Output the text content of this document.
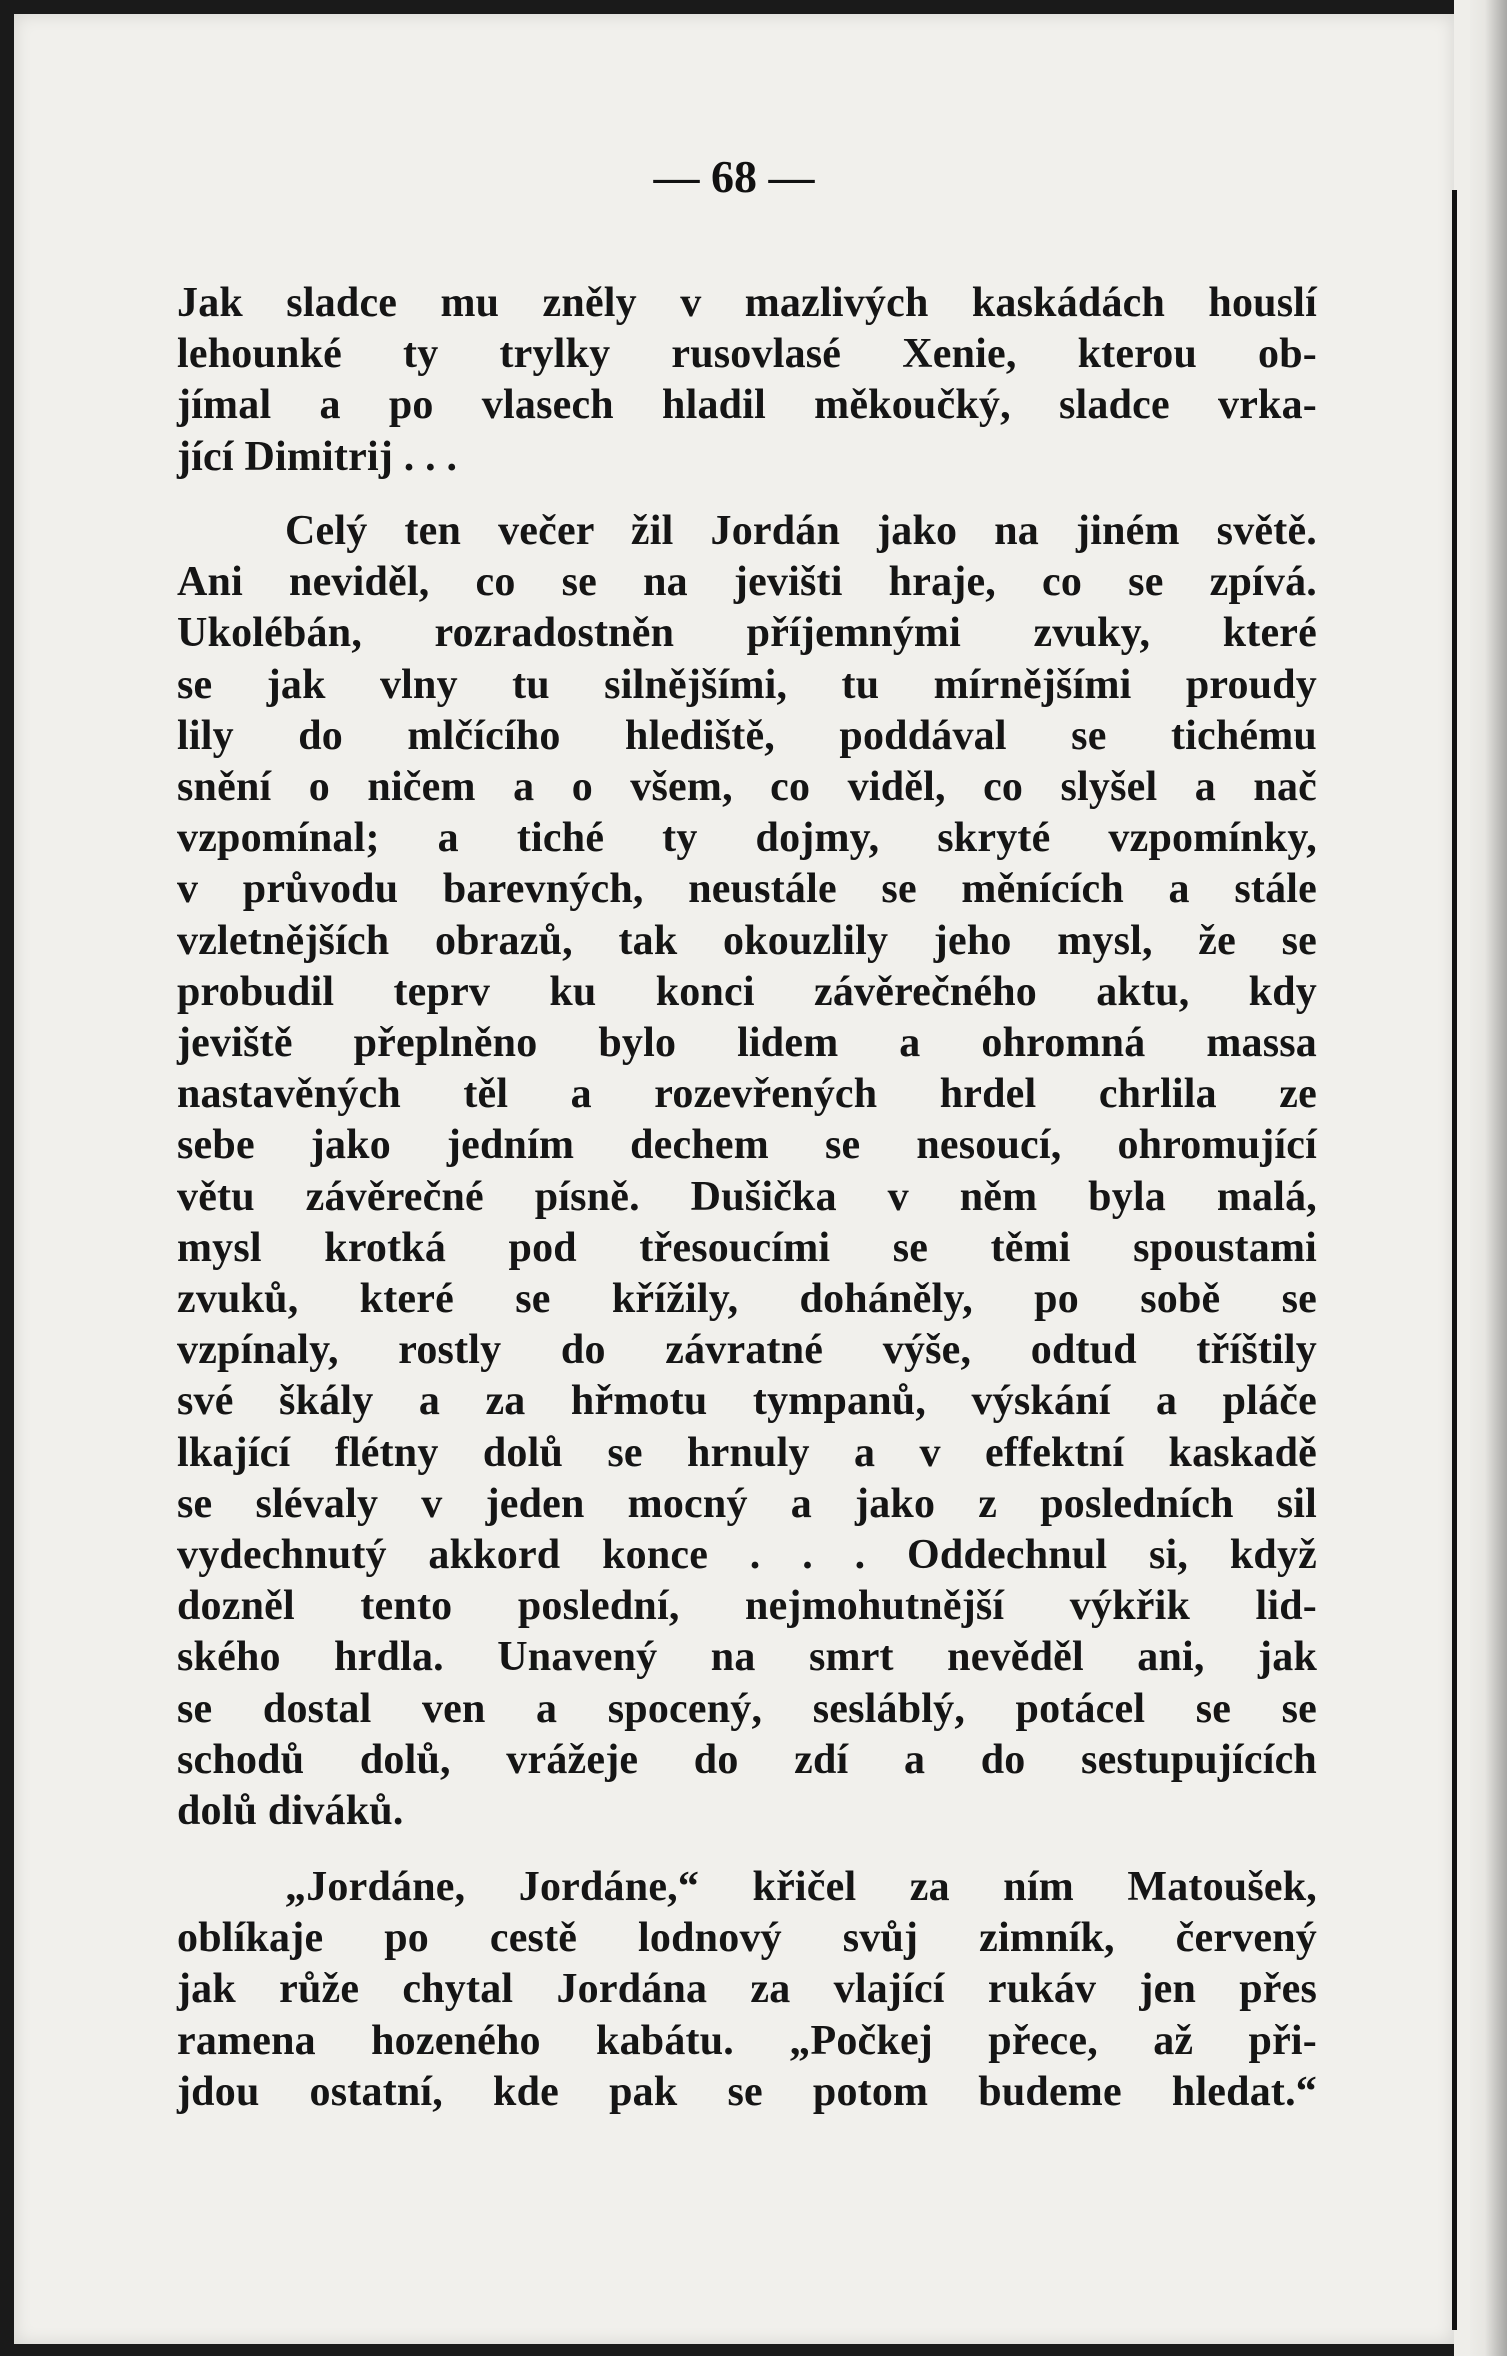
— 68 —
Jak sladce mu zněly v mazlivých kaskádách houslí
lehounké ty trylky rusovlasé Xenie, kterou ob-
jímal a po vlasech hladil měkoučký, sladce vrka-
jící Dimitrij . . .
Celý ten večer žil Jordán jako na jiném světě.
Ani neviděl, co se na jevišti hraje, co se zpívá.
Ukolébán, rozradostněn příjemnými zvuky, které
se jak vlny tu silnějšími, tu mírnějšími proudy
lily do mlčícího hlediště, poddával se tichému
snění o ničem a o všem, co viděl, co slyšel a nač
vzpomínal; a tiché ty dojmy, skryté vzpomínky,
v průvodu barevných, neustále se měnících a stále
vzletnějších obrazů, tak okouzlily jeho mysl, že se
probudil teprv ku konci závěrečného aktu, kdy
jeviště přeplněno bylo lidem a ohromná massa
nastavěných těl a rozevřených hrdel chrlila ze
sebe jako jedním dechem se nesoucí, ohromující
větu závěrečné písně. Dušička v něm byla malá,
mysl krotká pod třesoucími se těmi spoustami
zvuků, které se křížily, doháněly, po sobě se
vzpínaly, rostly do závratné výše, odtud tříštily
své škály a za hřmotu tympanů, výskání a pláče
lkající flétny dolů se hrnuly a v effektní kaskadě
se slévaly v jeden mocný a jako z posledních sil
vydechnutý akkord konce . . . Oddechnul si, když
dozněl tento poslední, nejmohutnější výkřik lid-
ského hrdla. Unavený na smrt nevěděl ani, jak
se dostal ven a spocený, sesláblý, potácel se se
schodů dolů, vrážeje do zdí a do sestupujících
dolů diváků.
„Jordáne, Jordáne,“ křičel za ním Matoušek,
oblíkaje po cestě lodnový svůj zimník, červený
jak růže chytal Jordána za vlající rukáv jen přes
ramena hozeného kabátu. „Počkej přece, až při-
jdou ostatní, kde pak se potom budeme hledat.“
